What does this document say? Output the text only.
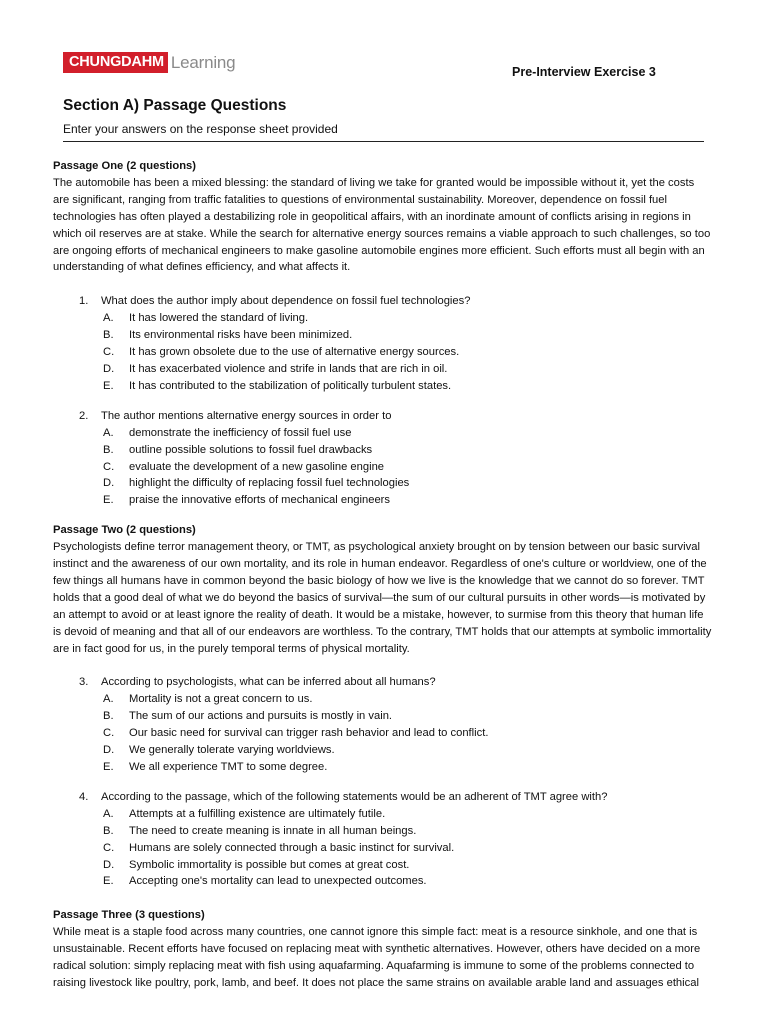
CHUNGDAHM Learning
Pre-Interview Exercise 3
Section A) Passage Questions
Enter your answers on the response sheet provided
Passage One (2 questions)

The automobile has been a mixed blessing: the standard of living we take for granted would be impossible without it, yet the costs are significant, ranging from traffic fatalities to questions of environmental sustainability. Moreover, dependence on fossil fuel technologies has often played a destabilizing role in geopolitical affairs, with an inordinate amount of conflicts arising in regions in which oil reserves are at stake. While the search for alternative energy sources remains a viable approach to such challenges, so too are ongoing efforts of mechanical engineers to make gasoline automobile engines more efficient. Such efforts must all begin with an understanding of what defines efficiency, and what affects it.

1.	What does the author imply about dependence on fossil fuel technologies?
A.	It has lowered the standard of living.
B.	Its environmental risks have been minimized.
C.	It has grown obsolete due to the use of alternative energy sources.
D.	It has exacerbated violence and strife in lands that are rich in oil.
E.	It has contributed to the stabilization of politically turbulent states.
2.	The author mentions alternative energy sources in order to
A.	demonstrate the inefficiency of fossil fuel use
B.	outline possible solutions to fossil fuel drawbacks
C.	evaluate the development of a new gasoline engine
D.	highlight the difficulty of replacing fossil fuel technologies
E.	praise the innovative efforts of mechanical engineers
Passage Two (2 questions)

Psychologists define terror management theory, or TMT, as psychological anxiety brought on by tension between our basic survival instinct and the awareness of our own mortality, and its role in human endeavor. Regardless of one's culture or worldview, one of the few things all humans have in common beyond the basic biology of how we live is the knowledge that we cannot do so forever. TMT holds that a good deal of what we do beyond the basics of survival—the sum of our cultural pursuits in other words—is motivated by an attempt to avoid or at least ignore the reality of death. It would be a mistake, however, to surmise from this theory that human life is devoid of meaning and that all of our endeavors are worthless. To the contrary, TMT holds that our attempts at symbolic immortality are in fact good for us, in the purely temporal terms of physical mortality.

3.	According to psychologists, what can be inferred about all humans?
A.	Mortality is not a great concern to us.
B.	The sum of our actions and pursuits is mostly in vain.
C.	Our basic need for survival can trigger rash behavior and lead to conflict.
D.	We generally tolerate varying worldviews.
E.	We all experience TMT to some degree.
4.	According to the passage, which of the following statements would be an adherent of TMT agree with?
A.	Attempts at a fulfilling existence are ultimately futile.
B.	The need to create meaning is innate in all human beings.
C.	Humans are solely connected through a basic instinct for survival.
D.	Symbolic immortality is possible but comes at great cost.
E.	Accepting one's mortality can lead to unexpected outcomes.
Passage Three (3 questions)

While meat is a staple food across many countries, one cannot ignore this simple fact: meat is a resource sinkhole, and one that is unsustainable. Recent efforts have focused on replacing meat with synthetic alternatives. However, others have decided on a more radical solution: simply replacing meat with fish using aquafarming. Aquafarming is immune to some of the problems connected to raising livestock like poultry, pork, lamb, and beef. It does not place the same strains on available arable land and assuages ethical
